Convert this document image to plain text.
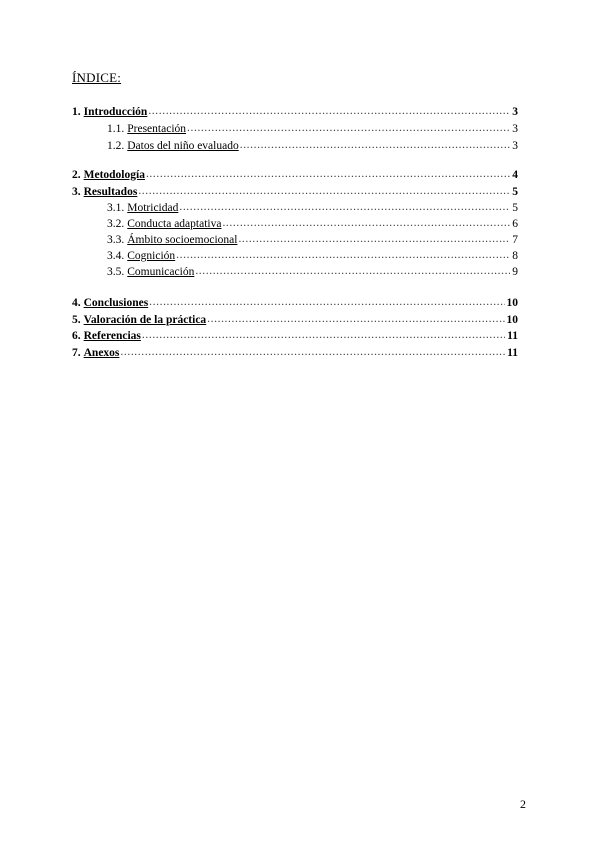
ÍNDICE:
1. Introducción .....	3
1.1. Presentación .....	3
1.2. Datos del niño evaluado .....	3
2. Metodología .....	4
3. Resultados .....	5
3.1. Motricidad .....	5
3.2. Conducta adaptativa .....	6
3.3. Ámbito socioemocional .....	7
3.4. Cognición .....	8
3.5. Comunicación .....	9
4. Conclusiones .....	10
5. Valoración de la práctica .....	10
6. Referencias .....	11
7. Anexos .....	11
2
